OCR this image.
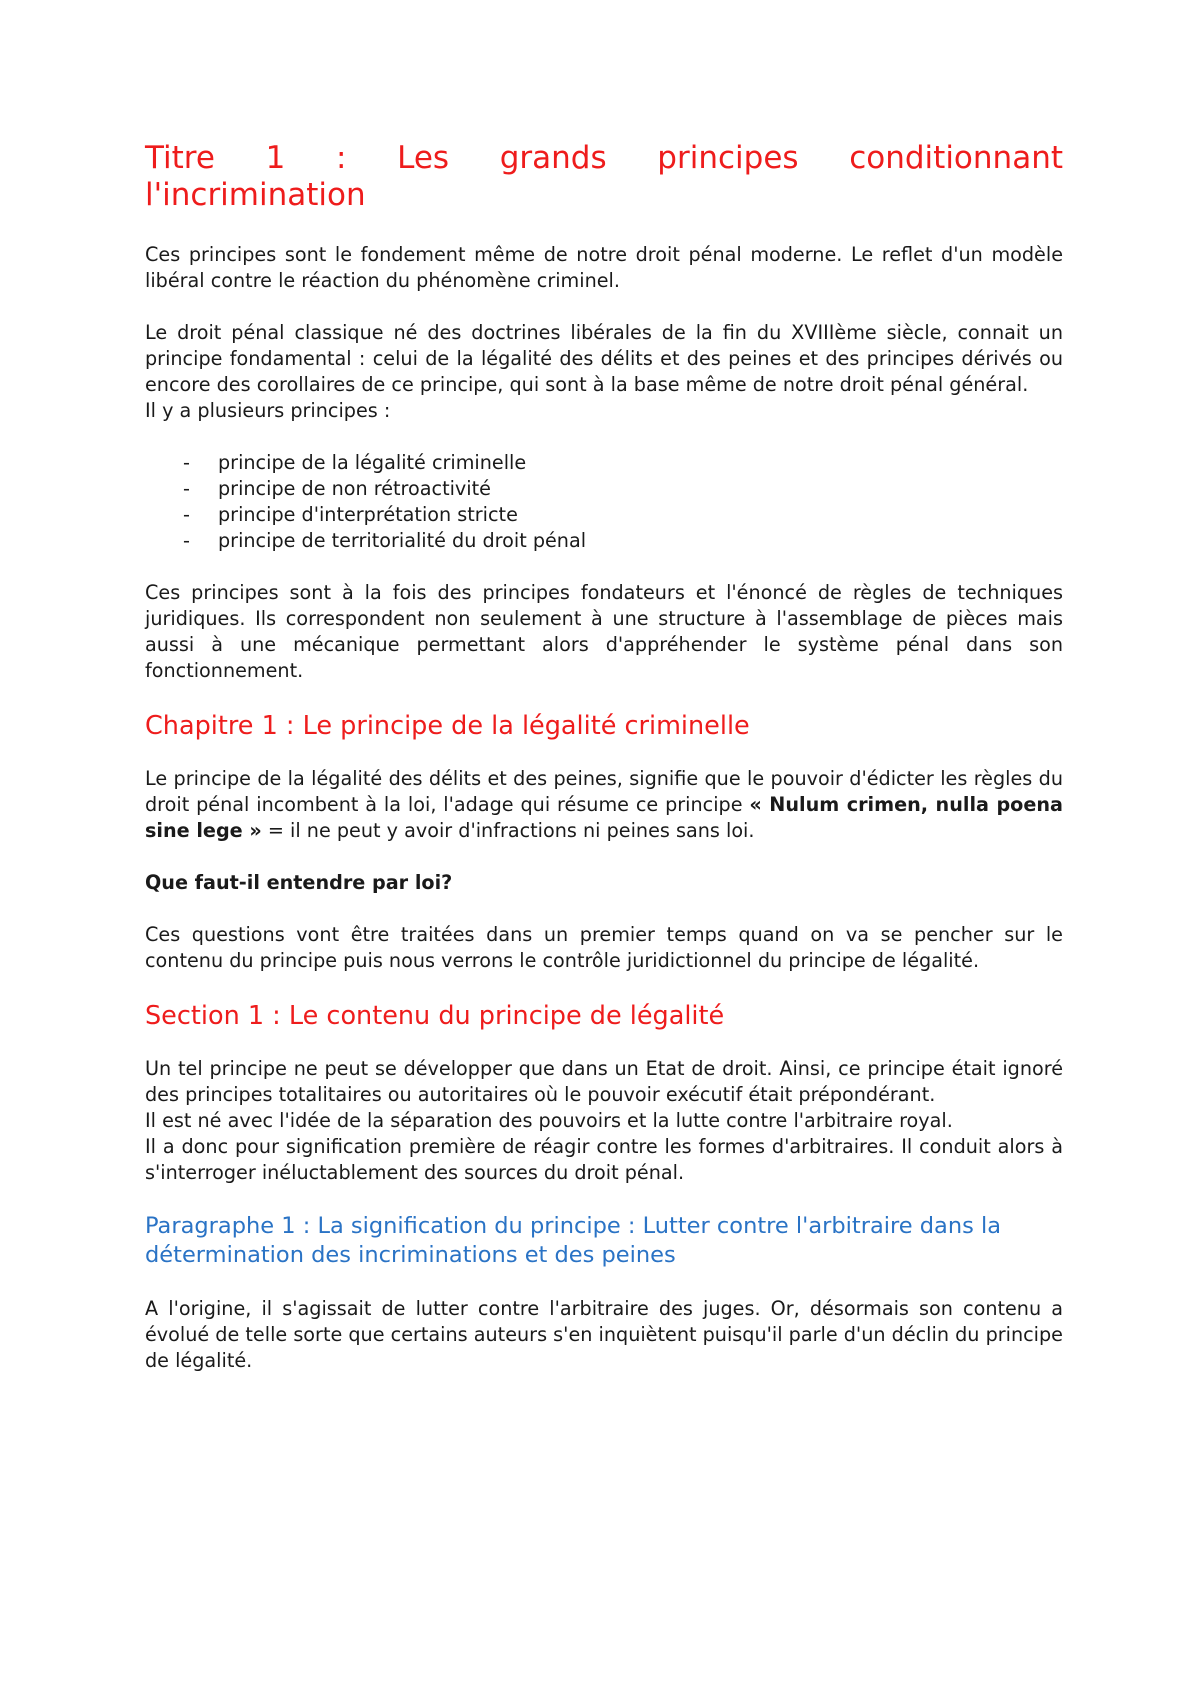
Titre 1 : Les grands principes conditionnant
l'incrimination

Ces principes sont le fondement même de notre droit pénal moderne. Le reflet d'un modèle libéral contre le réaction du phénomène criminel.

Le droit pénal classique né des doctrines libérales de la fin du XVIIIème siècle, connait un principe fondamental : celui de la légalité des délits et des peines et des principes dérivés ou encore des corollaires de ce principe, qui sont à la base même de notre droit pénal général.

Il y a plusieurs principes :

- principe de la légalité criminelle
- principe de non rétroactivité
- principe d'interprétation stricte
- principe de territorialité du droit pénal

Ces principes sont à la fois des principes fondateurs et l'énoncé de règles de techniques juridiques. Ils correspondent non seulement à une structure à l'assemblage de pièces mais aussi à une mécanique permettant alors d'appréhender le système pénal dans son fonctionnement.

Chapitre 1 : Le principe de la légalité criminelle

Le principe de la légalité des délits et des peines, signifie que le pouvoir d'édicter les règles du droit pénal incombent à la loi, l'adage qui résume ce principe « Nulum crimen, nulla poena sine lege » = il ne peut y avoir d'infractions ni peines sans loi.

Que faut-il entendre par loi?

Ces questions vont être traitées dans un premier temps quand on va se pencher sur le contenu du principe puis nous verrons le contrôle juridictionnel du principe de légalité.

Section 1 : Le contenu du principe de légalité

Un tel principe ne peut se développer que dans un Etat de droit. Ainsi, ce principe était ignoré des principes totalitaires ou autoritaires où le pouvoir exécutif était prépondérant.

Il est né avec l'idée de la séparation des pouvoirs et la lutte contre l'arbitraire royal.

Il a donc pour signification première de réagir contre les formes d'arbitraires. Il conduit alors à s'interroger inéluctablement des sources du droit pénal.

Paragraphe 1 : La signification du principe : Lutter contre l'arbitraire dans la détermination des incriminations et des peines

A l'origine, il s'agissait de lutter contre l'arbitraire des juges. Or, désormais son contenu a évolué de telle sorte que certains auteurs s'en inquiètent puisqu'il parle d'un déclin du principe de légalité.
